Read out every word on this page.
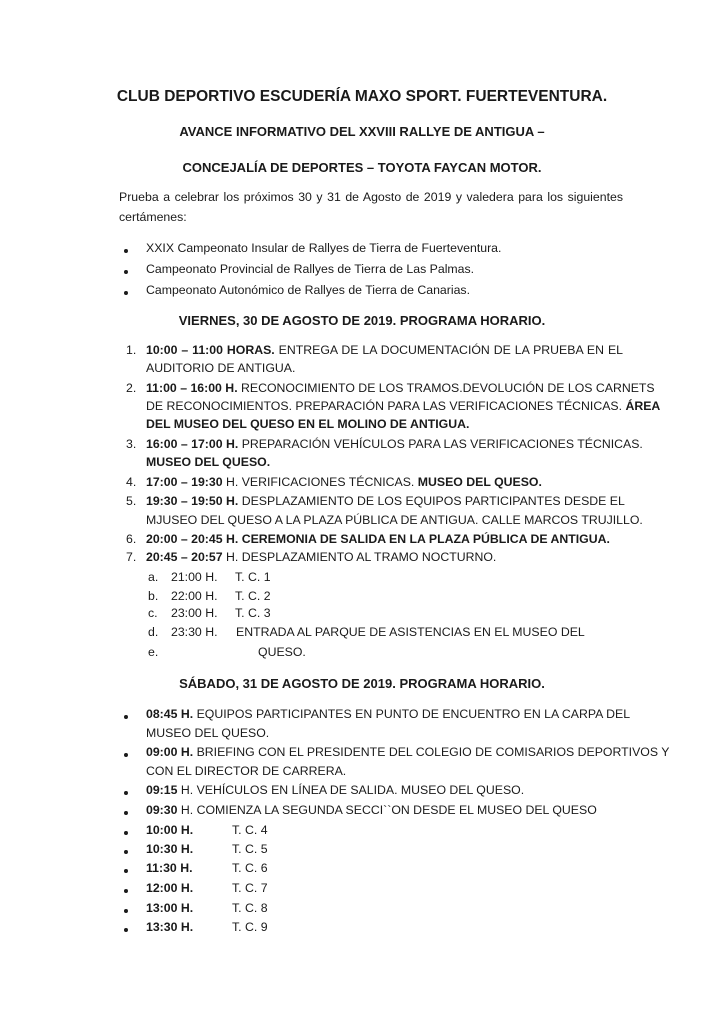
CLUB DEPORTIVO ESCUDERÍA MAXO SPORT. FUERTEVENTURA.
AVANCE INFORMATIVO DEL XXVIII RALLYE DE ANTIGUA –
CONCEJALÍA DE DEPORTES – TOYOTA FAYCAN MOTOR.
Prueba a celebrar los próximos 30 y 31 de Agosto de 2019 y valedera para los siguientes
certámenes:
XXIX Campeonato Insular de Rallyes de Tierra de Fuerteventura.
Campeonato Provincial de Rallyes de Tierra de Las Palmas.
Campeonato Autonómico de Rallyes de Tierra de Canarias.
VIERNES, 30 DE AGOSTO DE 2019. PROGRAMA HORARIO.
1. 10:00 – 11:00 HORAS. ENTREGA DE LA DOCUMENTACIÓN DE LA PRUEBA EN EL
AUDITORIO DE ANTIGUA.
2. 11:00 – 16:00 H. RECONOCIMIENTO DE LOS TRAMOS.DEVOLUCIÓN DE LOS CARNETS
DE RECONOCIMIENTOS. PREPARACIÓN PARA LAS VERIFICACIONES TÉCNICAS. ÁREA
DEL MUSEO DEL QUESO EN EL MOLINO DE ANTIGUA.
3. 16:00 – 17:00 H. PREPARACIÓN VEHÍCULOS PARA LAS VERIFICACIONES TÉCNICAS.
MUSEO DEL QUESO.
4. 17:00 – 19:30 H. VERIFICACIONES TÉCNICAS. MUSEO DEL QUESO.
5. 19:30 – 19:50 H. DESPLAZAMIENTO DE LOS EQUIPOS PARTICIPANTES DESDE EL
MJUSEO DEL QUESO A LA PLAZA PÚBLICA DE ANTIGUA. CALLE MARCOS TRUJILLO.
6. 20:00 – 20:45 H. CEREMONIA DE SALIDA EN LA PLAZA PÚBLICA DE ANTIGUA.
7. 20:45 – 20:57 H. DESPLAZAMIENTO AL TRAMO NOCTURNO.
a. 21:00 H. T. C. 1
b. 22:00 H. T. C. 2
c. 23:00 H. T. C. 3
d. 23:30 H. ENTRADA AL PARQUE DE ASISTENCIAS EN EL MUSEO DEL
e.	QUESO.
SÁBADO, 31 DE AGOSTO DE 2019. PROGRAMA HORARIO.
08:45 H. EQUIPOS PARTICIPANTES EN PUNTO DE ENCUENTRO EN LA CARPA DEL
MUSEO DEL QUESO.
09:00 H. BRIEFING CON EL PRESIDENTE DEL COLEGIO DE COMISARIOS DEPORTIVOS Y
CON EL DIRECTOR DE CARRERA.
09:15 H. VEHÍCULOS EN LÍNEA DE SALIDA. MUSEO DEL QUESO.
09:30 H. COMIENZA LA SEGUNDA SECCI``ON DESDE EL MUSEO DEL QUESO
10:00 H.	T. C. 4
10:30 H.	T. C. 5
11:30 H.	T. C. 6
12:00 H.	T. C. 7
13:00 H.	T. C. 8
13:30 H.	T. C. 9
